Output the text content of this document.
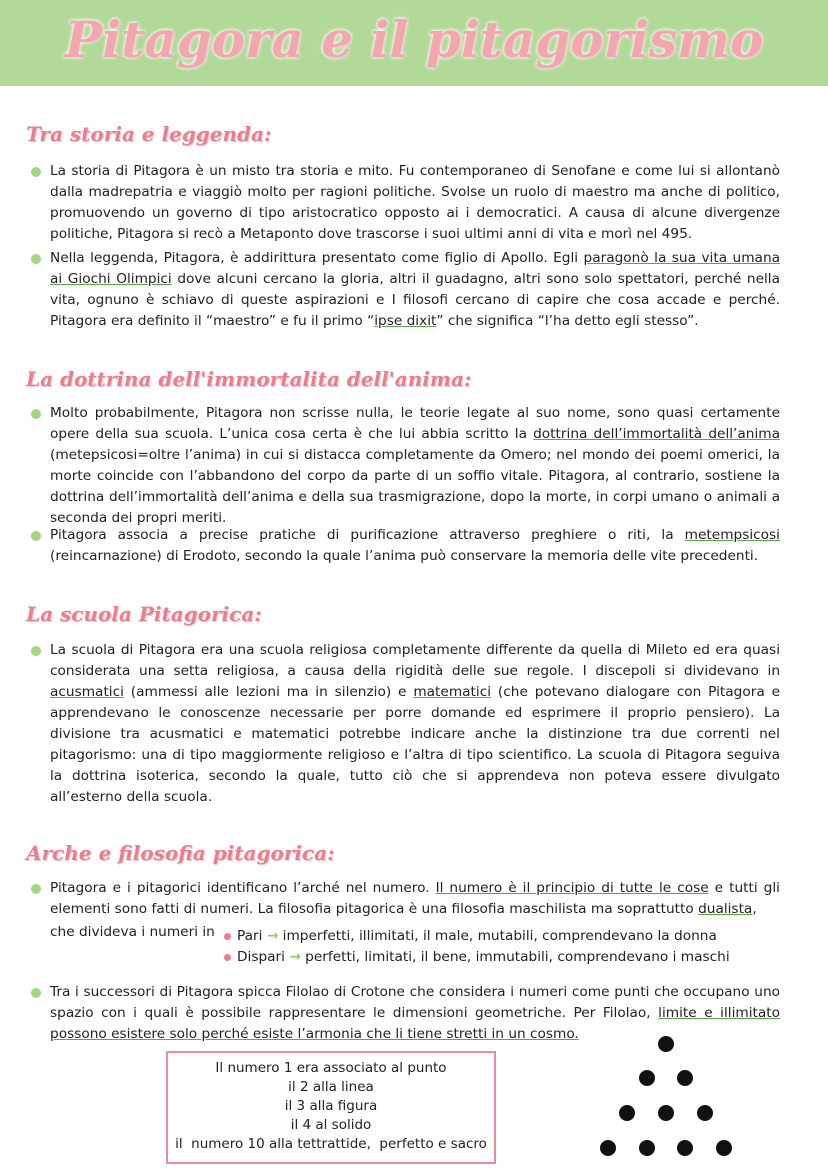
Pitagora e il pitagorismo
Tra storia e leggenda:
La storia di Pitagora è un misto tra storia e mito. Fu contemporaneo di Senofane e come lui si allontanò dalla madrepatria e viaggiò molto per ragioni politiche. Svolse un ruolo di maestro ma anche di politico, promuovendo un governo di tipo aristocratico opposto ai i democratici. A causa di alcune divergenze politiche, Pitagora si recò a Metaponto dove trascorse i suoi ultimi anni di vita e morì nel 495.
Nella leggenda, Pitagora, è addirittura presentato come figlio di Apollo. Egli paragonò la sua vita umana ai Giochi Olimpici dove alcuni cercano la gloria, altri il guadagno, altri sono solo spettatori, perché nella vita, ognuno è schiavo di queste aspirazioni e I filosofi cercano di capire che cosa accade e perché. Pitagora era definito il “maestro” e fu il primo “ipse dixit” che significa “l’ha detto egli stesso”.
La dottrina dell'immortalita dell'anima:
Molto probabilmente, Pitagora non scrisse nulla, le teorie legate al suo nome, sono quasi certamente opere della sua scuola. L’unica cosa certa è che lui abbia scritto la dottrina dell’immortalità dell’anima (metepsicosi=oltre l’anima) in cui si distacca completamente da Omero; nel mondo dei poemi omerici, la morte coincide con l’abbandono del corpo da parte di un soffio vitale. Pitagora, al contrario, sostiene la dottrina dell’immortalità dell’anima e della sua trasmigrazione, dopo la morte, in corpi umano o animali a seconda dei propri meriti.
Pitagora associa a precise pratiche di purificazione attraverso preghiere o riti, la metempsicosi (reincarnazione) di Erodoto, secondo la quale l’anima può conservare la memoria delle vite precedenti.
La scuola Pitagorica:
La scuola di Pitagora era una scuola religiosa completamente differente da quella di Mileto ed era quasi considerata una setta religiosa, a causa della rigidità delle sue regole. I discepoli si dividevano in acusmatici (ammessi alle lezioni ma in silenzio) e matematici (che potevano dialogare con Pitagora e apprendevano le conoscenze necessarie per porre domande ed esprimere il proprio pensiero). La divisione tra acusmatici e matematici potrebbe indicare anche la distinzione tra due correnti nel pitagorismo: una di tipo maggiormente religioso e l’altra di tipo scientifico. La scuola di Pitagora seguiva la dottrina isoterica, secondo la quale, tutto ciò che si apprendeva non poteva essere divulgato all’esterno della scuola.
Arche e filosofia pitagorica:
Pitagora e i pitagorici identificano l’arché nel numero. Il numero è il principio di tutte le cose e tutti gli elementi sono fatti di numeri. La filosofia pitagorica è una filosofia maschilista ma soprattutto dualista,
che divideva i numeri in Pari → imperfetti, illimitati, il male, mutabili, comprendevano la donna
Dispari → perfetti, limitati, il bene, immutabili, comprendevano i maschi
Tra i successori di Pitagora spicca Filolao di Crotone che considera i numeri come punti che occupano uno spazio con i quali è possibile rappresentare le dimensioni geometriche. Per Filolao, limite e illimitato possono esistere solo perché esiste l’armonia che li tiene stretti in un cosmo.
Il numero 1 era associato al punto
il 2 alla linea
il 3 alla figura
il 4 al solido
il  numero 10 alla tettrattide,  perfetto e sacro
